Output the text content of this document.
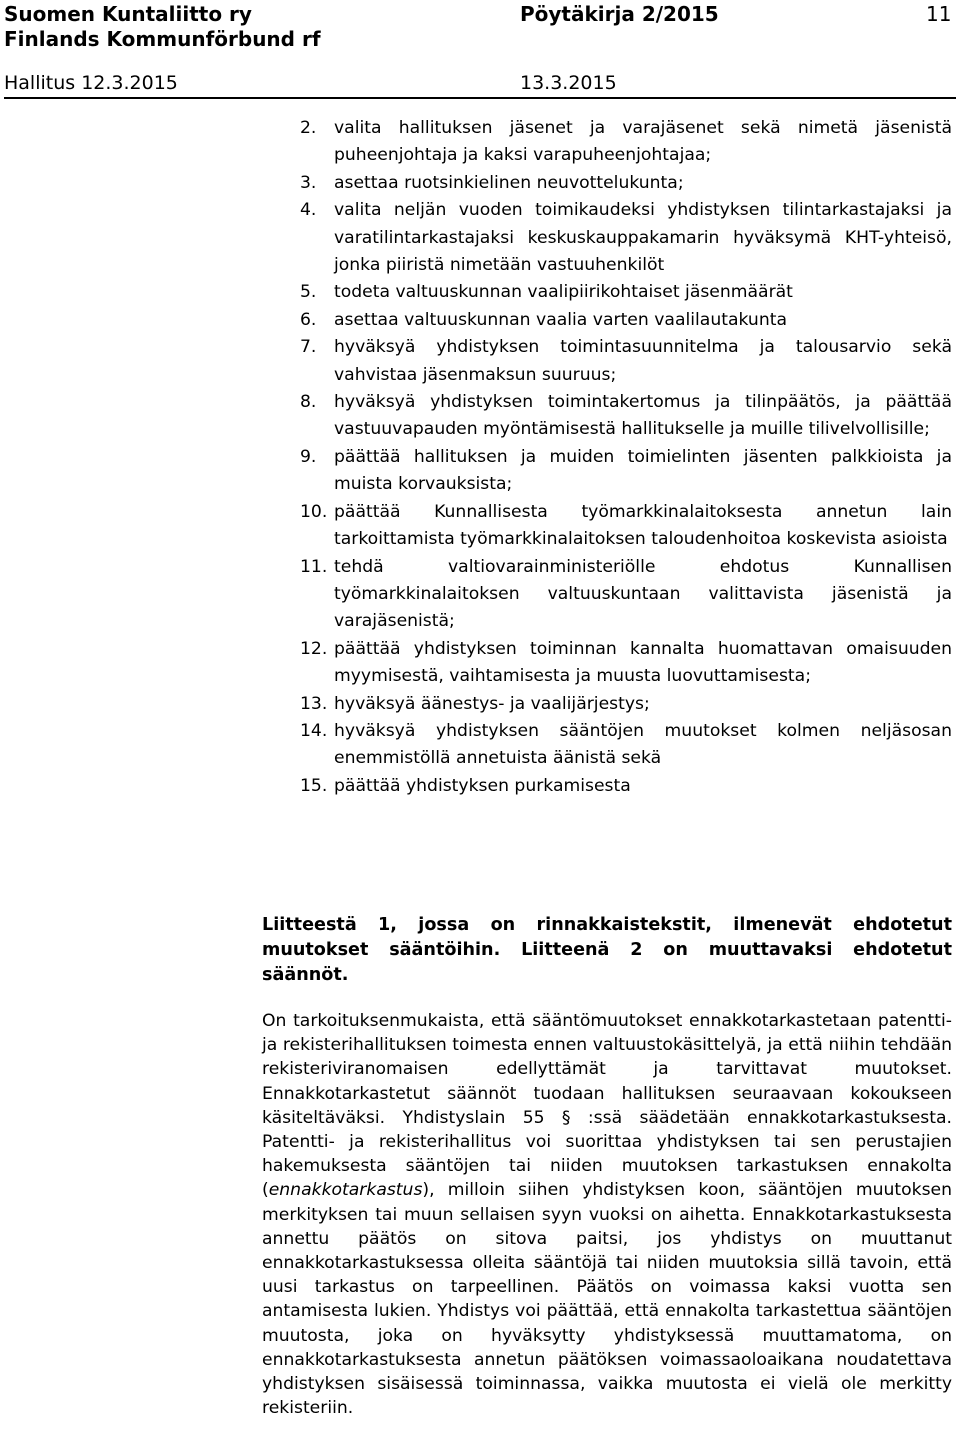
Suomen Kuntaliitto ry
Finlands Kommunförbund rf
Pöytäkirja 2/2015	11
Hallitus 12.3.2015	13.3.2015
2. valita hallituksen jäsenet ja varajäsenet sekä nimetä jäsenistä puheenjohtaja ja kaksi varapuheenjohtajaa;
3. asettaa ruotsinkielinen neuvottelukunta;
4. valita neljän vuoden toimikaudeksi yhdistyksen tilintarkastajaksi ja varatilintarkastajaksi keskuskauppakamarin hyväksymä KHT-yhteisö, jonka piiristä nimetään vastuuhenkilöt
5. todeta valtuuskunnan vaalipiirikohtaiset jäsenmäärät
6. asettaa valtuuskunnan vaalia varten vaalilautakunta
7. hyväksyä yhdistyksen toimintasuunnitelma ja talousarvio sekä vahvistaa jäsenmaksun suuruus;
8. hyväksyä yhdistyksen toimintakertomus ja tilinpäätös, ja päättää vastuuvapauden myöntämisestä hallitukselle ja muille tilivelvollisille;
9. päättää hallituksen ja muiden toimielinten jäsenten palkkioista ja muista korvauksista;
10. päättää Kunnallisesta työmarkkinalaitoksesta annetun lain tarkoittamista työmarkkinalaitoksen taloudenhoitoa koskevista asioista
11. tehdä valtiovarainministeriölle ehdotus Kunnallisen työmarkkinalaitoksen valtuuskuntaan valittavista jäsenistä ja varajäsenistä;
12. päättää yhdistyksen toiminnan kannalta huomattavan omaisuuden myymisestä, vaihtamisesta ja muusta luovuttamisesta;
13. hyväksyä äänestys- ja vaalijärjestys;
14. hyväksyä yhdistyksen sääntöjen muutokset kolmen neljäsosan enemmistöllä annetuista äänistä sekä
15. päättää yhdistyksen purkamisesta

Liitteestä 1, jossa on rinnakkaistekstit, ilmenevät ehdotetut muutokset sääntöihin. Liitteenä 2 on muuttavaksi ehdotetut säännöt.

On tarkoituksenmukaista, että sääntömuutokset ennakkotarkastetaan patentti- ja rekisterihallituksen toimesta ennen valtuustokäsittelyä, ja että niihin tehdään rekisteriviranomaisen edellyttämät ja tarvittavat muutokset. Ennakkotarkastetut säännöt tuodaan hallituksen seuraavaan kokoukseen käsiteltäväksi. Yhdistyslain 55 § :ssä säädetään ennakkotarkastuksesta. Patentti- ja rekisterihallitus voi suorittaa yhdistyksen tai sen perustajien hakemuksesta sääntöjen tai niiden muutoksen tarkastuksen ennakolta (ennakkotarkastus), milloin siihen yhdistyksen koon, sääntöjen muutoksen merkityksen tai muun sellaisen syyn vuoksi on aihetta. Ennakkotarkastuksesta annettu päätös on sitova paitsi, jos yhdistys on muuttanut ennakkotarkastuksessa olleita sääntöjä tai niiden muutoksia sillä tavoin, että uusi tarkastus on tarpeellinen. Päätös on voimassa kaksi vuotta sen antamisesta lukien. Yhdistys voi päättää, että ennakolta tarkastettua sääntöjen muutosta, joka on hyväksytty yhdistyksessä muuttamatoma, on ennakkotarkastuksesta annetun päätöksen voimassaoloaikana noudatettava yhdistyksen sisäisessä toiminnassa, vaikka muutosta ei vielä ole merkitty rekisteriin.
